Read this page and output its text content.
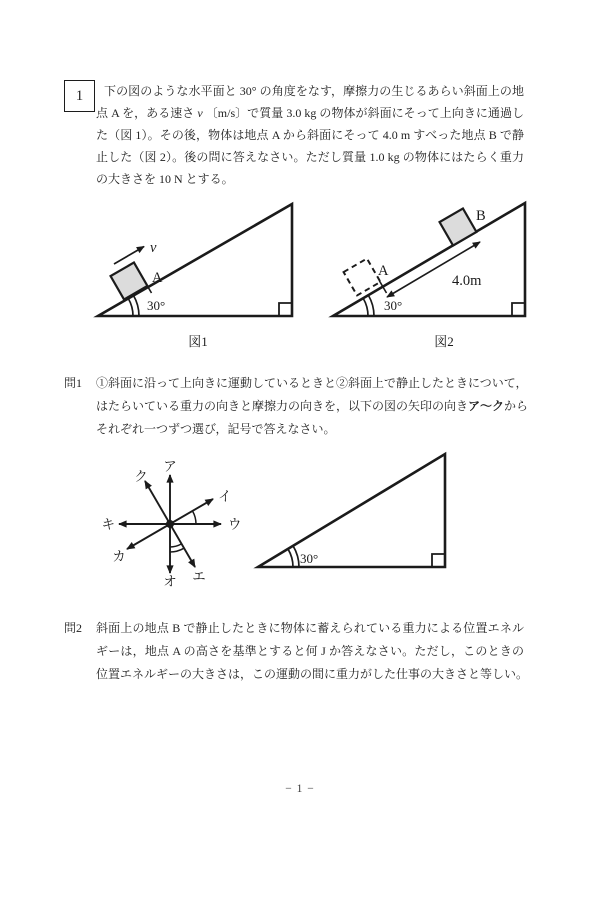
1	下の図のような水平面と 30° の角度をなす，摩擦力の生じるあらい斜面上の地
点 A を，ある速さ v 〔m/s〕で質量 3.0 kg の物体が斜面にそって上向きに通過し
た（図 1）。その後，物体は地点 A から斜面にそって 4.0 m すべった地点 B で静
止した（図 2）。後の問に答えなさい。ただし質量 1.0 kg の物体にはたらく重力
の大きさを 10 N とする。
v
A
30°
図1
A
B
4.0m
30°
図2
問1	①斜面に沿って上向きに運動しているときと②斜面上で静止したときについて，
はたらいている重力の向きと摩擦力の向きを，以下の図の矢印の向きア～クから
それぞれ一つずつ選び，記号で答えなさい。
ア
イ
ウ
エ
オ
カ
キ
ク
30°
問2	斜面上の地点 B で静止したときに物体に蓄えられている重力による位置エネル
ギーは，地点 A の高さを基準とすると何 J か答えなさい。ただし，このときの
位置エネルギーの大きさは，この運動の間に重力がした仕事の大きさと等しい。
− 1 −
